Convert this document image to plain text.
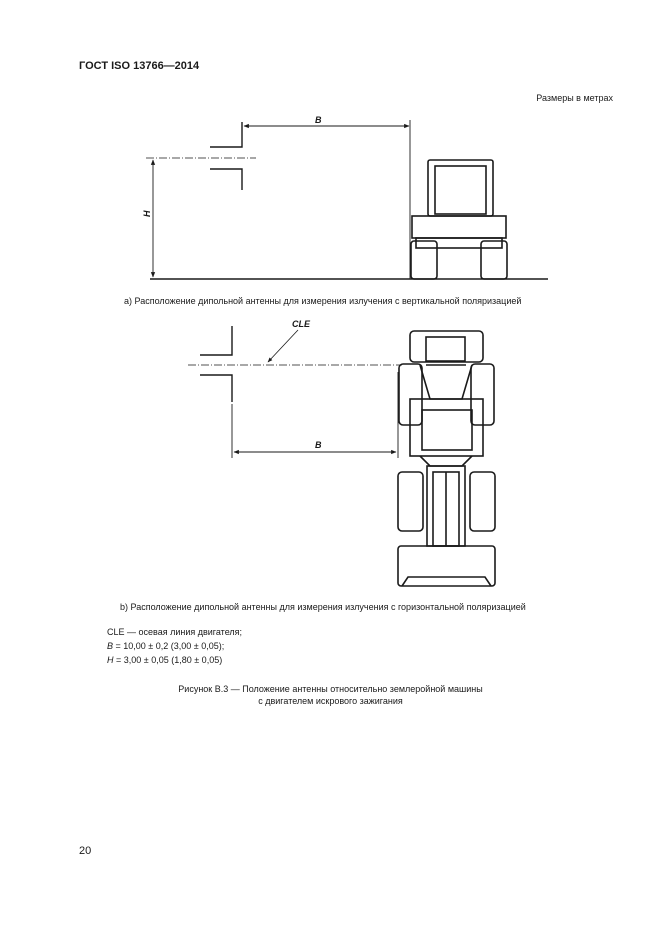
ГОСТ ISO 13766—2014
Размеры в метрах
B
H
CLE
B
а) Расположение дипольной антенны для измерения излучения с вертикальной поляризацией
b) Расположение дипольной антенны для измерения излучения с горизонтальной поляризацией
CLE — осевая линия двигателя;
B = 10,00 ± 0,2 (3,00 ± 0,05);
H = 3,00 ± 0,05 (1,80 ± 0,05)
Рисунок B.3 — Положение антенны относительно землеройной машины
с двигателем искрового зажигания
20
